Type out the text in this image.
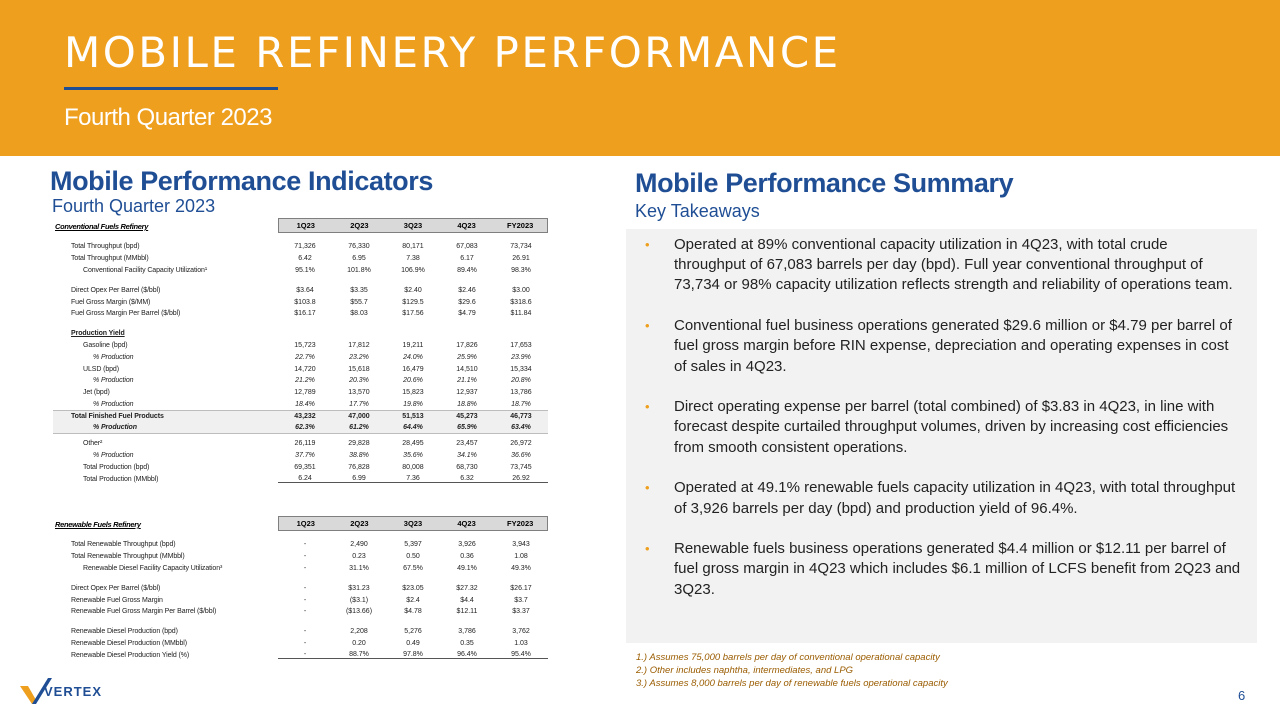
MOBILE REFINERY PERFORMANCE
Fourth Quarter 2023
Mobile Performance Indicators
Fourth Quarter 2023
Conventional Fuels Refinery	1Q23	2Q23	3Q23	4Q23	FY2023
Total Throughput (bpd)	71,326	76,330	80,171	67,083	73,734
Total Throughput (MMbbl)	6.42	6.95	7.38	6.17	26.91
Conventional Facility Capacity Utilization¹	95.1%	101.8%	106.9%	89.4%	98.3%
Direct Opex Per Barrel ($/bbl)	$3.64	$3.35	$2.40	$2.46	$3.00
Fuel Gross Margin ($/MM)	$103.8	$55.7	$129.5	$29.6	$318.6
Fuel Gross Margin Per Barrel ($/bbl)	$16.17	$8.03	$17.56	$4.79	$11.84
Production Yield
Gasoline (bpd)	15,723	17,812	19,211	17,826	17,653
% Production	22.7%	23.2%	24.0%	25.9%	23.9%
ULSD (bpd)	14,720	15,618	16,479	14,510	15,334
% Production	21.2%	20.3%	20.6%	21.1%	20.8%
Jet (bpd)	12,789	13,570	15,823	12,937	13,786
% Production	18.4%	17.7%	19.8%	18.8%	18.7%
Total Finished Fuel Products	43,232	47,000	51,513	45,273	46,773
% Production	62.3%	61.2%	64.4%	65.9%	63.4%
Other²	26,119	29,828	28,495	23,457	26,972
% Production	37.7%	38.8%	35.6%	34.1%	36.6%
Total Production (bpd)	69,351	76,828	80,008	68,730	73,745
Total Production (MMbbl)	6.24	6.99	7.36	6.32	26.92
Renewable Fuels Refinery	1Q23	2Q23	3Q23	4Q23	FY2023
Total Renewable Throughput (bpd)	-	2,490	5,397	3,926	3,943
Total Renewable Throughput (MMbbl)	-	0.23	0.50	0.36	1.08
Renewable Diesel Facility Capacity Utilization³	-	31.1%	67.5%	49.1%	49.3%
Direct Opex Per Barrel ($/bbl)	-	$31.23	$23.05	$27.32	$26.17
Renewable Fuel Gross Margin	-	($3.1)	$2.4	$4.4	$3.7
Renewable Fuel Gross Margin Per Barrel ($/bbl)	-	($13.66)	$4.78	$12.11	$3.37
Renewable Diesel Production (bpd)	-	2,208	5,276	3,786	3,762
Renewable Diesel Production (MMbbl)	-	0.20	0.49	0.35	1.03
Renewable Diesel Production Yield (%)	-	88.7%	97.8%	96.4%	95.4%
Mobile Performance Summary
Key Takeaways
• Operated at 89% conventional capacity utilization in 4Q23, with total crude throughput of 67,083 barrels per day (bpd). Full year conventional throughput of 73,734 or 98% capacity utilization reflects strength and reliability of operations team.
• Conventional fuel business operations generated $29.6 million or $4.79 per barrel of fuel gross margin before RIN expense, depreciation and operating expenses in cost of sales in 4Q23.
• Direct operating expense per barrel (total combined) of $3.83 in 4Q23, in line with forecast despite curtailed throughput volumes, driven by increasing cost efficiencies from smooth consistent operations.
• Operated at 49.1% renewable fuels capacity utilization in 4Q23, with total throughput of 3,926 barrels per day (bpd) and production yield of 96.4%.
• Renewable fuels business operations generated $4.4 million or $12.11 per barrel of fuel gross margin in 4Q23 which includes $6.1 million of LCFS benefit from 2Q23 and 3Q23.
1.) Assumes 75,000 barrels per day of conventional operational capacity
2.) Other includes naphtha, intermediates, and LPG
3.) Assumes 8,000 barrels per day of renewable fuels operational capacity
VERTEX	6
